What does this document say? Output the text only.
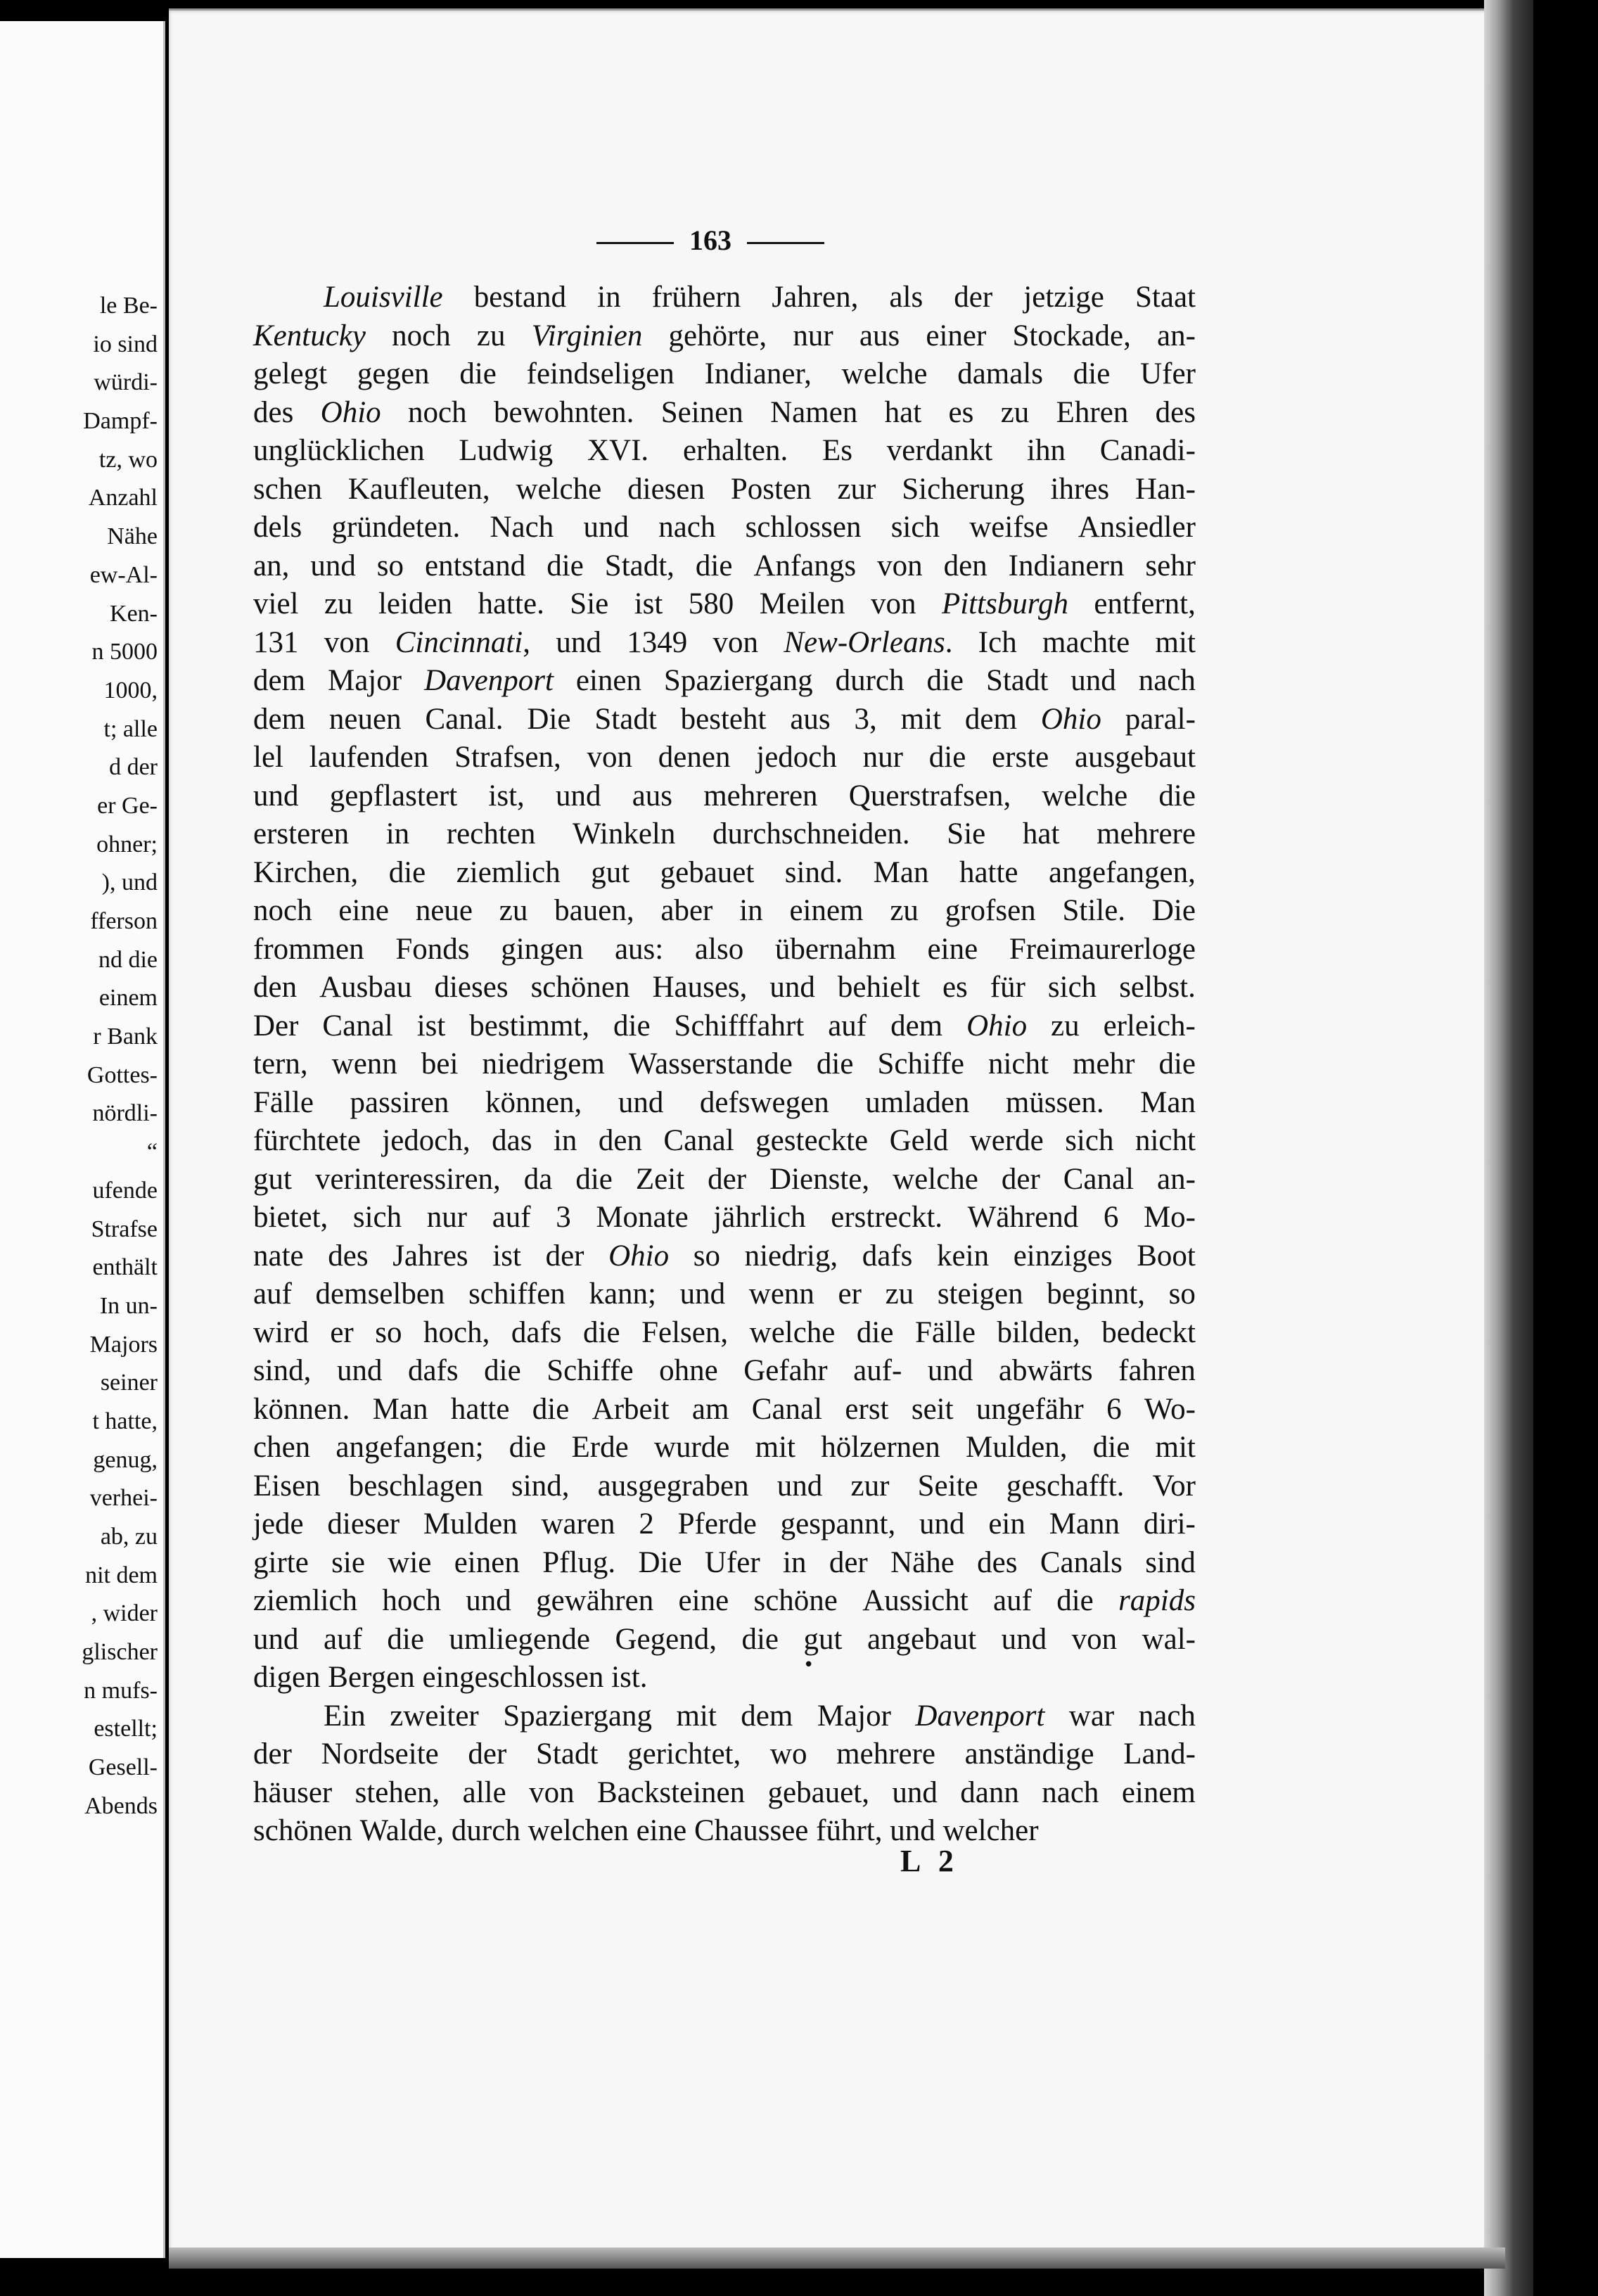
le Be-
io sind
würdi-
Dampf-
tz, wo
Anzahl
Nähe
ew-Al-
Ken-
n 5000
1000,
t; alle
d der
er Ge-
ohner;
), und
fferson
nd die
einem
r Bank
Gottes-
nördli-
“
ufende
Strafse
enthält
In un-
Majors
seiner
t hatte,
genug,
verhei-
ab, zu
nit dem
, wider
glischer
n mufs-
estellt;
Gesell-
Abends
163
Louisville bestand in frühern Jahren, als der jetzige Staat
Kentucky noch zu Virginien gehörte, nur aus einer Stockade, an-
gelegt gegen die feindseligen Indianer, welche damals die Ufer
des Ohio noch bewohnten. Seinen Namen hat es zu Ehren des
unglücklichen Ludwig XVI. erhalten. Es verdankt ihn Canadi-
schen Kaufleuten, welche diesen Posten zur Sicherung ihres Han-
dels gründeten. Nach und nach schlossen sich weifse Ansiedler
an, und so entstand die Stadt, die Anfangs von den Indianern sehr
viel zu leiden hatte. Sie ist 580 Meilen von Pittsburgh entfernt,
131 von Cincinnati, und 1349 von New-Orleans. Ich machte mit
dem Major Davenport einen Spaziergang durch die Stadt und nach
dem neuen Canal. Die Stadt besteht aus 3, mit dem Ohio paral-
lel laufenden Strafsen, von denen jedoch nur die erste ausgebaut
und gepflastert ist, und aus mehreren Querstrafsen, welche die
ersteren in rechten Winkeln durchschneiden. Sie hat mehrere
Kirchen, die ziemlich gut gebauet sind. Man hatte angefangen,
noch eine neue zu bauen, aber in einem zu grofsen Stile. Die
frommen Fonds gingen aus: also übernahm eine Freimaurerloge
den Ausbau dieses schönen Hauses, und behielt es für sich selbst.
Der Canal ist bestimmt, die Schifffahrt auf dem Ohio zu erleich-
tern, wenn bei niedrigem Wasserstande die Schiffe nicht mehr die
Fälle passiren können, und defswegen umladen müssen. Man
fürchtete jedoch, das in den Canal gesteckte Geld werde sich nicht
gut verinteressiren, da die Zeit der Dienste, welche der Canal an-
bietet, sich nur auf 3 Monate jährlich erstreckt. Während 6 Mo-
nate des Jahres ist der Ohio so niedrig, dafs kein einziges Boot
auf demselben schiffen kann; und wenn er zu steigen beginnt, so
wird er so hoch, dafs die Felsen, welche die Fälle bilden, bedeckt
sind, und dafs die Schiffe ohne Gefahr auf- und abwärts fahren
können. Man hatte die Arbeit am Canal erst seit ungefähr 6 Wo-
chen angefangen; die Erde wurde mit hölzernen Mulden, die mit
Eisen beschlagen sind, ausgegraben und zur Seite geschafft. Vor
jede dieser Mulden waren 2 Pferde gespannt, und ein Mann diri-
girte sie wie einen Pflug. Die Ufer in der Nähe des Canals sind
ziemlich hoch und gewähren eine schöne Aussicht auf die rapids
und auf die umliegende Gegend, die gut angebaut und von wal-
digen Bergen eingeschlossen ist.
Ein zweiter Spaziergang mit dem Major Davenport war nach
der Nordseite der Stadt gerichtet, wo mehrere anständige Land-
häuser stehen, alle von Backsteinen gebauet, und dann nach einem
schönen Walde, durch welchen eine Chaussee führt, und welcher
•
L 2
